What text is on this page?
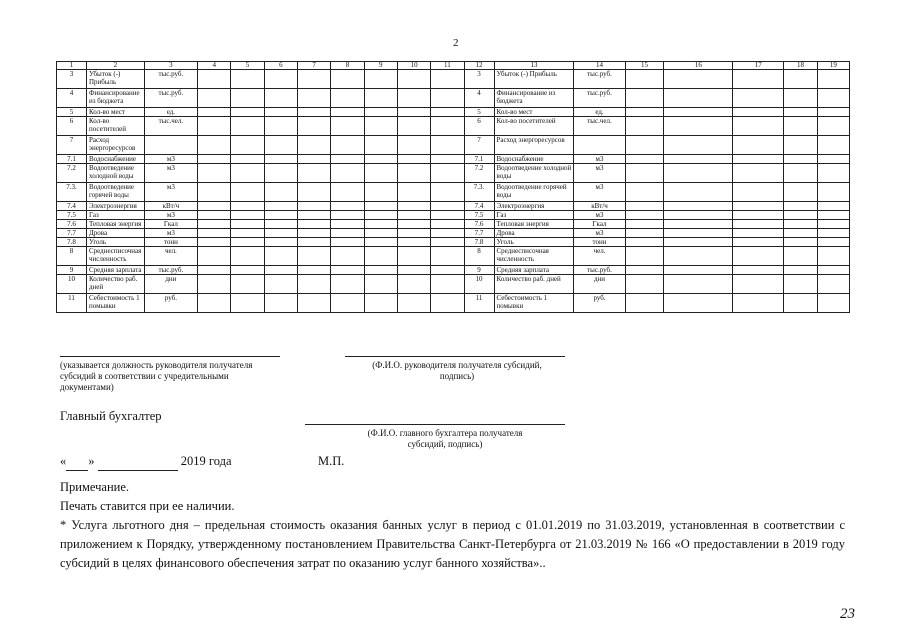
2
1	2	3	4	5	6	7	8	9	10	11	12	13	14	15	16	17	18	19
3	Убыток (-) Прибыль	тыс.руб.									3	Убыток (-) Прибыль	тыс.руб.					
4	Финансирование из бюджета	тыс.руб.									4	Финансирование из бюджета	тыс.руб.					
5	Кол-во мест	ед.									5	Кол-во мест	ед.					
6	Кол-во посетителей	тыс.чел.									6	Кол-во посетителей	тыс.чел.					
7	Расход энергоресурсов										7	Расход энергоресурсов						
7.1	Водоснабжение	м3									7.1	Водоснабжение	м3					
7.2	Водоотведение холодной воды	м3									7.2	Водоотведение холодной воды	м3					
7.3.	Водоотведение горячей воды	м3									7.3.	Водоотведение горячей воды	м3					
7.4	Электроэнергия	кВт/ч									7.4	Электроэнергия	кВт/ч					
7.5	Газ	м3									7.5	Газ	м3					
7.6	Тепловая энергия	Гкал									7.6	Тепловая энергия	Гкал					
7.7	Дрова	м3									7.7	Дрова	м3					
7.8	Уголь	тонн									7.8	Уголь	тонн					
8	Среднесписочная численность	чел.									8	Среднесписочная численность	чел.					
9	Средняя зарплата	тыс.руб.									9	Средняя зарплата	тыс.руб.					
10	Количество раб. дней	дни									10	Количество раб. дней	дни					
11	Себестоимость 1 помывки	руб.									11	Себестоимость 1 помывки	руб.					
(указывается должность руководителя получателя субсидий в соответствии с учредительными документами)
(Ф.И.О. руководителя получателя субсидий, подпись)
Главный бухгалтер
(Ф.И.О. главного бухгалтера получателя субсидий, подпись)
« »	2019 года	М.П.
Примечание.
Печать ставится при ее наличии.
* Услуга льготного дня – предельная стоимость оказания банных услуг в период с 01.01.2019 по 31.03.2019, установленная в соответствии с приложением к Порядку, утвержденному постановлением Правительства Санкт-Петербурга от 21.03.2019 № 166 «О предоставлении в 2019 году субсидий в целях финансового обеспечения затрат по оказанию услуг банного хозяйства»..
23
